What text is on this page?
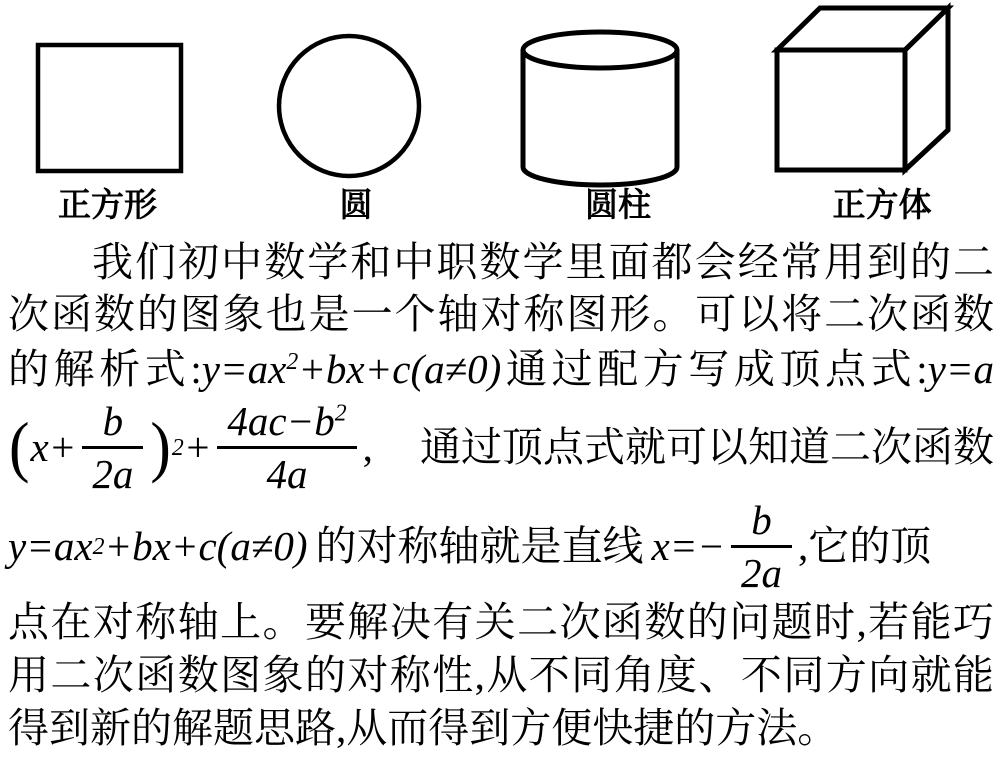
正方形	圆	圆柱	正方体
我们初中数学和中职数学里面都会经常用到的二
次函数的图象也是一个轴对称图形。可以将二次函数
的解析式$:y=ax^2+bx+c(a\ne 0)$通过配方写成顶点式:y=a
( $x+ \frac{b}{2a}$ ) $2 + \frac{4ac-b^2}{4a}$ , 通过顶点式就可以知道二次函数
y=ax 2 +bx+c(a≠0) 的对称轴就是直线 $x=- \frac{b}{2a}$ ,它的顶
点在对称轴上。要解决有关二次函数的问题时,若能巧
用二次函数图象的对称性,从不同角度、不同方向就能
得到新的解题思路,从而得到方便快捷的方法。
